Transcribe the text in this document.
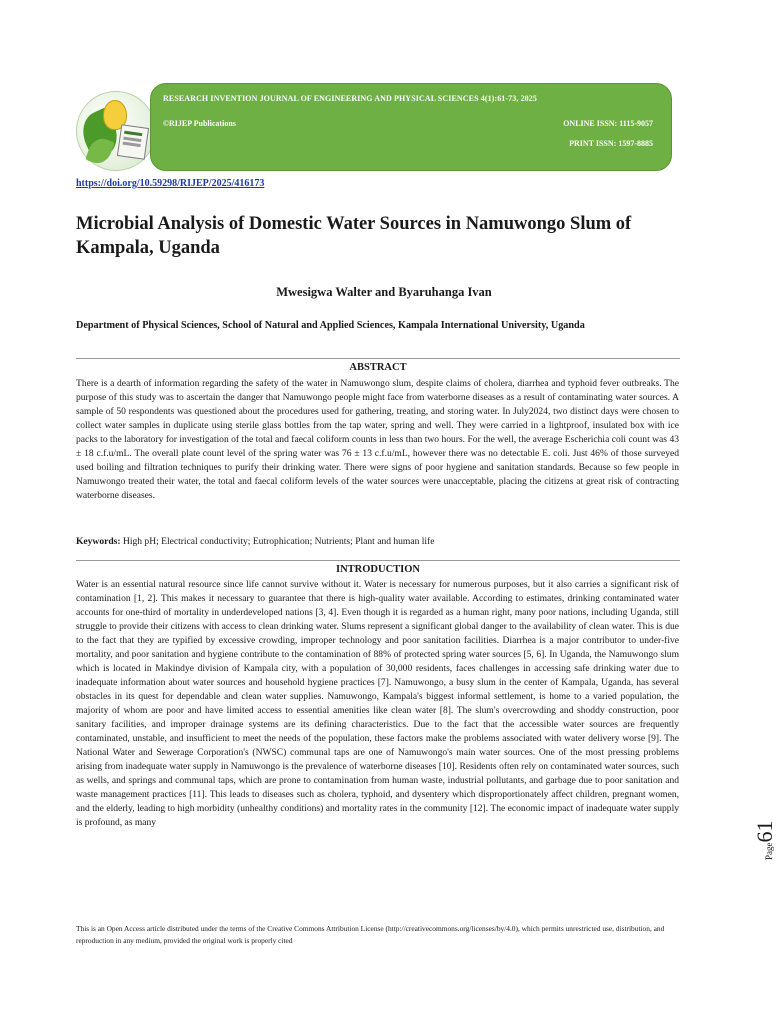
RESEARCH INVENTION JOURNAL OF ENGINEERING AND PHYSICAL SCIENCES 4(1):61-73, 2025
©RIJEP Publications	ONLINE ISSN: 1115-9057
PRINT ISSN: 1597-8885
https://doi.org/10.59298/RIJEP/2025/416173
Microbial Analysis of Domestic Water Sources in Namuwongo Slum of Kampala, Uganda
Mwesigwa Walter and Byaruhanga Ivan
Department of Physical Sciences, School of Natural and Applied Sciences, Kampala International University, Uganda
ABSTRACT

There is a dearth of information regarding the safety of the water in Namuwongo slum, despite claims of cholera, diarrhea and typhoid fever outbreaks. The purpose of this study was to ascertain the danger that Namuwongo people might face from waterborne diseases as a result of contaminating water sources. A sample of 50 respondents was questioned about the procedures used for gathering, treating, and storing water. In July2024, two distinct days were chosen to collect water samples in duplicate using sterile glass bottles from the tap water, spring and well. They were carried in a lightproof, insulated box with ice packs to the laboratory for investigation of the total and faecal coliform counts in less than two hours. For the well, the average Escherichia coli count was 43 ± 18 c.f.u/mL. The overall plate count level of the spring water was 76 ± 13 c.f.u/mL, however there was no detectable E. coli. Just 46% of those surveyed used boiling and filtration techniques to purify their drinking water. There were signs of poor hygiene and sanitation standards. Because so few people in Namuwongo treated their water, the total and faecal coliform levels of the water sources were unacceptable, placing the citizens at great risk of contracting waterborne diseases.

Keywords: High pH; Electrical conductivity; Eutrophication; Nutrients; Plant and human life
INTRODUCTION

Water is an essential natural resource since life cannot survive without it. Water is necessary for numerous purposes, but it also carries a significant risk of contamination [1, 2]. This makes it necessary to guarantee that there is high-quality water available. According to estimates, drinking contaminated water accounts for one-third of mortality in underdeveloped nations [3, 4]. Even though it is regarded as a human right, many poor nations, including Uganda, still struggle to provide their citizens with access to clean drinking water. Slums represent a significant global danger to the availability of clean water. This is due to the fact that they are typified by excessive crowding, improper technology and poor sanitation facilities. Diarrhea is a major contributor to under-five mortality, and poor sanitation and hygiene contribute to the contamination of 88% of protected spring water sources [5, 6]. In Uganda, the Namuwongo slum which is located in Makindye division of Kampala city, with a population of 30,000 residents, faces challenges in accessing safe drinking water due to inadequate information about water sources and household hygiene practices [7]. Namuwongo, a busy slum in the center of Kampala, Uganda, has several obstacles in its quest for dependable and clean water supplies. Namuwongo, Kampala's biggest informal settlement, is home to a varied population, the majority of whom are poor and have limited access to essential amenities like clean water [8]. The slum's overcrowding and shoddy construction, poor sanitary facilities, and improper drainage systems are its defining characteristics. Due to the fact that the accessible water sources are frequently contaminated, unstable, and insufficient to meet the needs of the population, these factors make the problems associated with water delivery worse [9]. The National Water and Sewerage Corporation's (NWSC) communal taps are one of Namuwongo's main water sources. One of the most pressing problems arising from inadequate water supply in Namuwongo is the prevalence of waterborne diseases [10]. Residents often rely on contaminated water sources, such as wells, and springs and communal taps, which are prone to contamination from human waste, industrial pollutants, and garbage due to poor sanitation and waste management practices [11]. This leads to diseases such as cholera, typhoid, and dysentery which disproportionately affect children, pregnant women, and the elderly, leading to high morbidity (unhealthy conditions) and mortality rates in the community [12]. The economic impact of inadequate water supply is profound, as many

This is an Open Access article distributed under the terms of the Creative Commons Attribution License (http://creativecommons.org/licenses/by/4.0), which permits unrestricted use, distribution, and reproduction in any medium, provided the original work is properly cited
Page61
